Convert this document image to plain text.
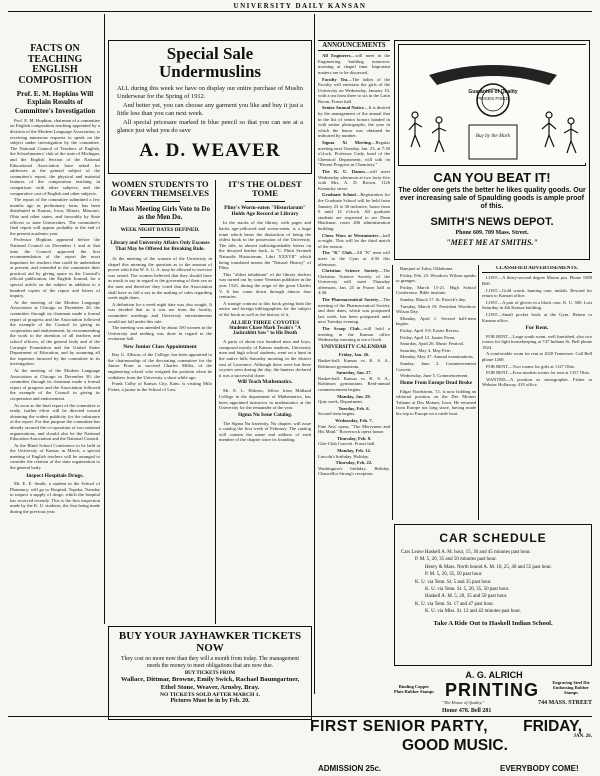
UNIVERSITY DAILY KANSAN
FACTS ON TEACHING ENGLISH COMPOSITION
Prof. E. M. Hopkins Will Explain Results of Committee's Investigation

Prof. E. M. Hopkins, chairman of a committee on English composition teaching appointed by a division of the Modern Language Association, is receiving numerous requests to speak on the subject under investigation by the committee. The National Council of Teachers of English, the Schoolmasters' club of the state of Michigan, and the English Section of the National Educational Association have asked for addresses at the general subject of the committee's report, the physical and material features of the composition teaching in comparison with other subjects, and the comparative cost of English and other subjects.

The report of the committee submitted a few months ago in preliminary form, has been distributed in Kansas, Iowa, Illinois, Missouri, Ohio and other states, and favorably by State officers or state Universities. The committee's final report will appear probably at the end of the present academic year.

Professor Hopkins appeared before the National Council on December 1 and at that time the Council approved the first recommendation of the report the most important for teachers that could be undertaken at present, and extended to the committee their practical aid by giving space in the Council's official publication, the English Journal, for a special article on the subject in addition to a hundred copies of the report and letters of inquiry.

At the meeting of the Modern Language Association at Chicago in December 20, the committee through its chairman made a formal report of progress and the Association followed the example of the Council in giving its cooperation and endorsement, by recommending the work to the attention of all teachers and school officers, of the general body and of the Carnegie Foundation and the United States Department of Education, and by assuming all the expenses incurred by the committee in its investigation.

At the meeting of the Modern Language Association at Chicago in December 30, the committee through its chairman made a formal report of progress and the Association followed the example of the Council in giving its cooperation and endorsement.

As soon as the final report of the committee is ready, further effort will be directed toward obtaining the widest publicity for the substance of the report. For that purpose the committee has already secured the co-operation of two national organizations, and should also be the National Education Association and the National Council.

At the Blind School Conference to be held at the University of Kansas in March, a special meeting of English teachers will be arranged to consider the relation of the state organization to the general body.

Inspect Hospitals Drugs.

Mr. E. E. Smith, a student in the School of Pharmacy, will go to Hospital, Topeka, Tuesday to inspect a supply of drugs, which the hospital has received recently. This is the first inspection made by the K. U. students, the first being made during the previous year.

Special Sale Undermuslins
ALL during this week we have on display our entire purchase of Muslin Underwear for the Spring of 1912.
And better yet, you can choose any garment you like and buy it just a little less than you can next week.
All special pricesare marked in blue pencil so that you can see at a glance just what you do save
A. D. WEAVER
WOMEN STUDENTS TO GOVERN THEMSELVES
In Mass Meeting Girls Vote to Do as the Men Do.
WEEK NIGHT DATES DEFINED.
Library and University Affairs Only Excuses That May be Offered for Breaking Rule.

At the meeting of the women of the University in chapel this morning the question as to the amount of power which the W. S. G. A. may be allowed to exercise was raised. The women believed that they should have as much to say in regard to the governing of their sex as the men and therefore they voted that the Association shall have as full a say in the making of rules regarding week night dates.

A definition for a week night date was also sought. It was decided that as it was not from the faculty, committee meetings and University entertainments would not fall under this rule.

The meeting was attended by about 100 women in the University and nothing was done in regard to the recitation hall.

New Junior Class Appointment

Ray G. Allison, of the College, has been appointed to the chairmanship of the decorating committee for the Junior Prom to succeed Charles Miller, of the engineering school who resigned the position when he withdrew from the University a short while ago.

Frank Colby of Kansas City, Kans. is visiting Milo Fisher, a junior in the School of Law.

IT'S THE OLDEST TOME
Pliny's Worm-eaten "Historiarum" Holds Age Record at Library

In the stacks of the library, with pages and backs age-yellowed and worm-eaten, is a huge tome which bears the distinction of being the oldest book in the possession of the University. The title, in almost indistinguishable letters on the decayed leather back, is "C. Plinii Secundi Naturalis Historiarum, Libri XXXVII" which being translated means the "Natural History" of Pliny.

This "oldest inhabitant" of the library shelves was turned out by some Venetian publisher in the year 1525, during the reign of the great Charles V. It has come down through almost four centuries.

A strange contrast to this book giving both the native and foreign bibliographies for the subject of the book as well as the history of it.

ALLIED THREE COYOTES
Students Chase Mark Twain's "A Jackrabbit Saw" to His Death

A party of about two hundred men and boys, composed mostly of Kansas students, University men and high school students, went on a hunt in the native hills Saturday morning in the district east of Lawrence. Although there were but three coyotes seen during the day, the hunters declared it was a successful chase.

Will Teach Mathematics.

Mr. E. L. Holmes, fellow from Midland College in the department of Mathematics, has been appointed instructor in mathematics at the University for the remainder of the year.

Sigma Nu Issue Catalog.

The Sigma Nu fraternity, Nu chapter, will issue a catalog the first week of February. The catalog will contain the name and address of each member of the chapter since its founding.

BUY YOUR JAYHAWKER TICKETS NOW
They cost no more now than they will a month from today. The management needs the money to meet obligations that are now due.
BUY TICKETS FROM
Wallace, Dittmar, Browne, Emily Swick, Rachael Baumgartner, Ethel Stone, Weaver, Arnsby, Bray.
NO TICKETS SOLD AFTER MARCH 1.
Pictures Must be in by Feb. 20.
ANNOUNCEMENTS

All Engineers—will meet in the Engineering building tomorrow morning at chapel time. Important matters are to be discussed.

Faculty Tea—The ladies of the Faculty will entertain the girls of the University on Wednesday, January 10, with a tea from three to six in the Latin Room, Fraser hall.

Senior Annual Notice—It is desired by the management of the annual that in the list of senior honors handed in with senior photographs, the year in which the honor was obtained be indicated by number.

Sigma Xi Meeting—Regular meeting next Tuesday, Jan. 23, at 7:30 o'clock, Professor Cady, head of the Chemical Department, will talk on "Recent Progress in Chemistry."

The K. U. Dames—will meet Wednesday afternoon at two forty-five with Mrs. A. D. Brown, 1126 Kentucky street.

Graduate School—Registration for the Graduate School will be held from January 23 to 30 inclusive, hours from 9 until 12 o'clock. All graduate students are requested to see Dean Blackmar, room 206 administration building.

Chess Wars at Westminster—hall to-night. This will be the third match of the season.

The "K" Club—All "K" men will meet in the Gym at 4:30 this afternoon.

Christian Science Society—The Christian Science Society of the University will meet Thursday afternoon, Jan. 25 in Fraser hall at 4:30.

The Pharmaceutical Society—The meeting of the Pharmaceutical Society and their dates, which was postponed last week, has been postponed until next Tuesday evening.

The Scoop Club—will hold a meeting in the Kansan office Wednesday morning at ten o'clock.

UNIVERSITY CALENDAR

Friday, Jan. 26.
Basket-ball: Kansas vs. K. S. A., Robinson gymnasium.

Saturday, Jan. 27.
Basket-ball: Kansas vs. K. S. A., Robinson gymnasium. Reid-annual commencement begins.

Monday, Jan. 29.
Quiz week, Department.

Tuesday, Feb. 6.
Second term begins.

Wednesday, Feb. 7.
Fine Arts' opera, "The Merrymen and His Maid." Bowersock opera house.

Thursday, Feb. 8.
Glee Club Concert. Fraser hall.

Monday, Feb. 12.
Lincoln's birthday. Holiday.

Thursday, Feb. 22.
Washington's birthday. Holiday. Chancellor Strong's reception.

Guarantee of Quality
PRICES FIXED
Buy by the Mark
CAN YOU BEAT IT!
The older one gets the better he likes quality goods. Our ever increasing sale of Spaulding goods is ample proof of this.
SMITH'S NEWS DEPOT.
Phone 609. 709 Mass. Street.
"MEET ME AT SMITHS."

Banquet at Tulsa, Oklahoma.

Friday, Feb. 23. Woodrow Wilson speaks to granges.

Friday, March 15-21. High School Conference. Bible institute.

Sunday, March 17. St. Patrick's day.

Tuesday, March 19. President Woodrow Wilson Day.

Monday, April 1. Second half-term begins.

Friday, April 5-8. Easter Recess.

Friday, April 12. Junior Prom.

Saturday, April 26. Music Festival.

Saturday, May 4. May Fete.

Monday, May 27. Annual examinations.

Sunday, June 2. Commencement Concert.

Wednesday, June 5. Commencement.

Home From Europe Dead Broke

Edgar Nordstrom, '11, is now holding an editorial position on the Des Moines Tribune at Des Moines, Iowa. He returned from Europe not long since, having made his trip to Europe on a cattle boat.

CLASSIFIED ADVERTISEMENTS.

LOST—A thirty-second degree Mason pin. Phone 1089 Bell.

LOST—Gold watch, hunting case, initials. Reward for return to Kansan office.

LOST—A pair of gloves in a black case. K. U. 500. Lost Saturday in 4th Kansas building.

LOST—Small pocket book at the Gym. Return to Kansan office.

For Rent.

FOR RENT—Large south room, well furnished, also two rooms for light housekeeping at 747 Indiana St. Bell phone 1924.

A comfortable room for rent at 1020 Tennessee. Call Bell phone 1268.

FOR RENT—Two rooms for girls at 1127 Ohio.

FOR RENT—Four modern rooms for rent at 1337 Ohio.

WANTED—A position as stenographer. Fisher at Webster Hollaway, 410 office.

CAR SCHEDULE
Cars Leave Haskell A. M. hour, 15, 30 and 45 minutes past hour.
P. M. 5, 20, 35 and 50 minutes past hour.
Henry & Mass. North bound A. M. 10, 25, 40 and 55 past hour.
P. M. 5, 20, 35, 50 past hour.
K. U. via Tenn. St. 5 and 35 past hour.
K. U. via Tenn. St. 5, 20, 35, 50 past hour.
Haskell A. M. 5, 20, 35 and 50 past hour.
K. U. via Tenn. St. 17 and 47 past hour.
K. U. via Miss. St. 12 and 42 minutes past hour.
Take A Ride Out to Haskell Indian School.
A. G. ALRICH
Binding Copper Plate Rubber Stamps PRINTING	Engraving Steel Die Embossing Rubber Stamps
"The House of Quality."	744 MASS. STREET
Home 478. Bell 281
FIRST SENIOR PARTY, FRIDAY,
JAN. 26.
GOOD MUSIC.
ADMISSION 25c.	EVERYBODY COME!
